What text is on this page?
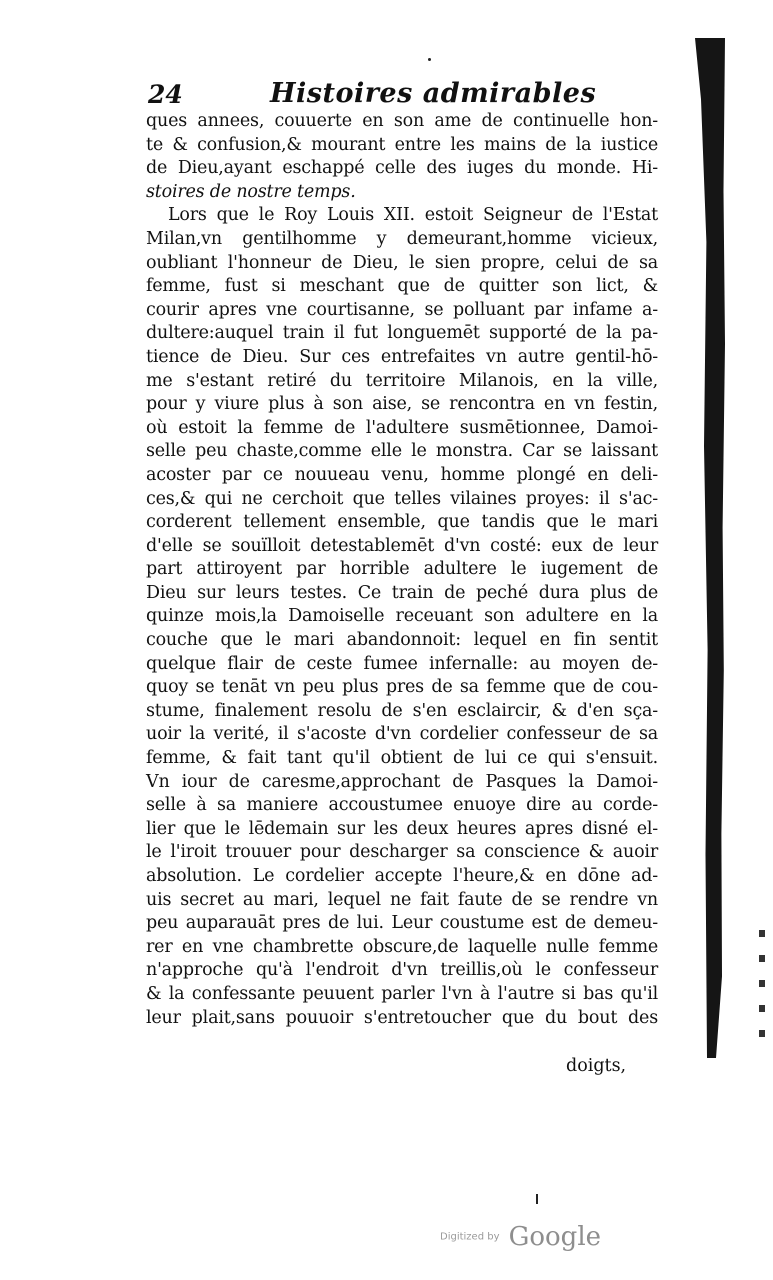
24	Histoires admirables
ques annees, couuerte en son ame de continuelle hon-
te & confusion,& mourant entre les mains de la iustice
de Dieu,ayant eschappé celle des iuges du monde. Hi-
stoires de nostre temps.
Lors que le Roy Louis XII. estoit Seigneur de l'Estat
Milan,vn gentilhomme y demeurant,homme vicieux,
oubliant l'honneur de Dieu, le sien propre, celui de sa
femme, fust si meschant que de quitter son lict, &
courir apres vne courtisanne, se polluant par infame a-
dultere:auquel train il fut longuemēt supporté de la pa-
tience de Dieu. Sur ces entrefaites vn autre gentil-hō-
me s'estant retiré du territoire Milanois, en la ville,
pour y viure plus à son aise, se rencontra en vn festin,
où estoit la femme de l'adultere susmētionnee, Damoi-
selle peu chaste,comme elle le monstra. Car se laissant
acoster par ce nouueau venu, homme plongé en deli-
ces,& qui ne cerchoit que telles vilaines proyes: il s'ac-
corderent tellement ensemble, que tandis que le mari
d'elle se souïlloit detestablemēt d'vn costé: eux de leur
part attiroyent par horrible adultere le iugement de
Dieu sur leurs testes. Ce train de peché dura plus de
quinze mois,la Damoiselle receuant son adultere en la
couche que le mari abandonnoit: lequel en fin sentit
quelque flair de ceste fumee infernalle: au moyen de-
quoy se tenāt vn peu plus pres de sa femme que de cou-
stume, finalement resolu de s'en esclaircir, & d'en sça-
uoir la verité, il s'acoste d'vn cordelier confesseur de sa
femme, & fait tant qu'il obtient de lui ce qui s'ensuit.
Vn iour de caresme,approchant de Pasques la Damoi-
selle à sa maniere accoustumee enuoye dire au corde-
lier que le lēdemain sur les deux heures apres disné el-
le l'iroit trouuer pour descharger sa conscience & auoir
absolution. Le cordelier accepte l'heure,& en dōne ad-
uis secret au mari, lequel ne fait faute de se rendre vn
peu auparauāt pres de lui. Leur coustume est de demeu-
rer en vne chambrette obscure,de laquelle nulle femme
n'approche qu'à l'endroit d'vn treillis,où le confesseur
& la confessante peuuent parler l'vn à l'autre si bas qu'il
leur plait,sans pouuoir s'entretoucher que du bout des
doigts,
Digitized by Google
